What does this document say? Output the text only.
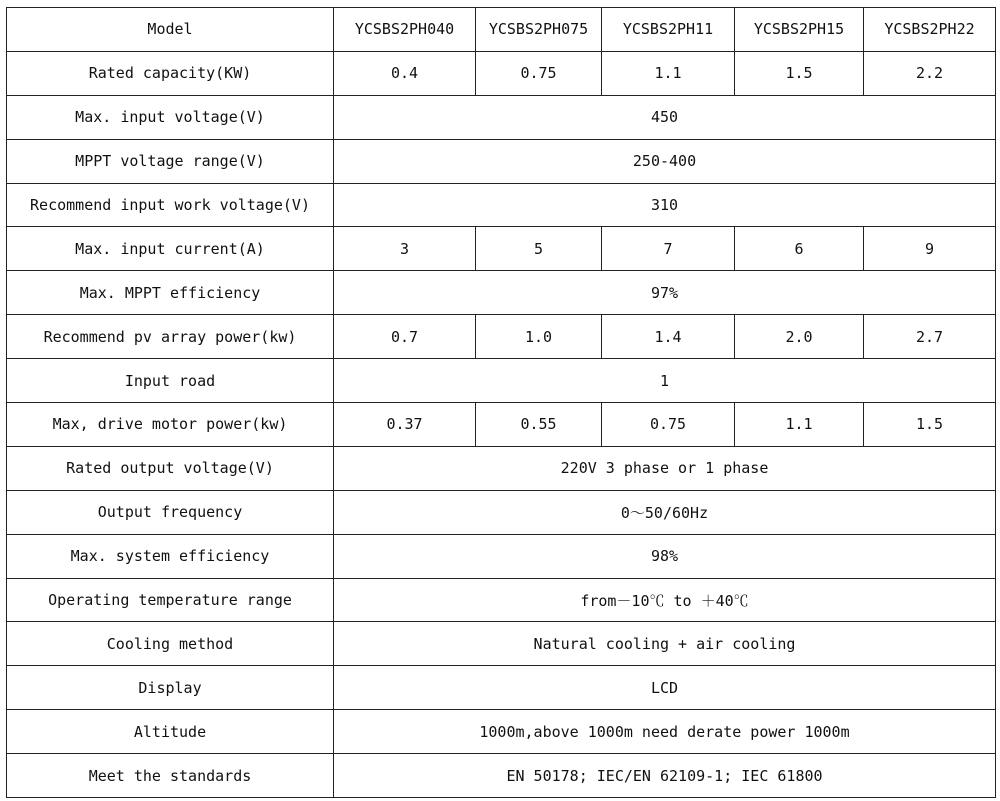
Model	YCSBS2PH040	YCSBS2PH075	YCSBS2PH11	YCSBS2PH15	YCSBS2PH22
Rated capacity(KW)	0.4	0.75	1.1	1.5	2.2
Max. input voltage(V)	450				
MPPT voltage range(V)	250-400				
Recommend input work voltage(V)	310				
Max. input current(A)	3	5	7	6	9
Max. MPPT efficiency	97%				
Recommend pv array power(kw)	0.7	1.0	1.4	2.0	2.7
Input road	1				
Max, drive motor power(kw)	0.37	0.55	0.75	1.1	1.5
Rated output voltage(V)	220V 3 phase or 1 phase				
Output frequency	0～50/60Hz				
Max. system efficiency	98%				
Operating temperature range	from－10℃ to ＋40℃				
Cooling method	Natural cooling + air cooling				
Display	LCD				
Altitude	1000m,above 1000m need derate power 1000m				
Meet the standards	EN 50178; IEC/EN 62109-1; IEC 61800				
